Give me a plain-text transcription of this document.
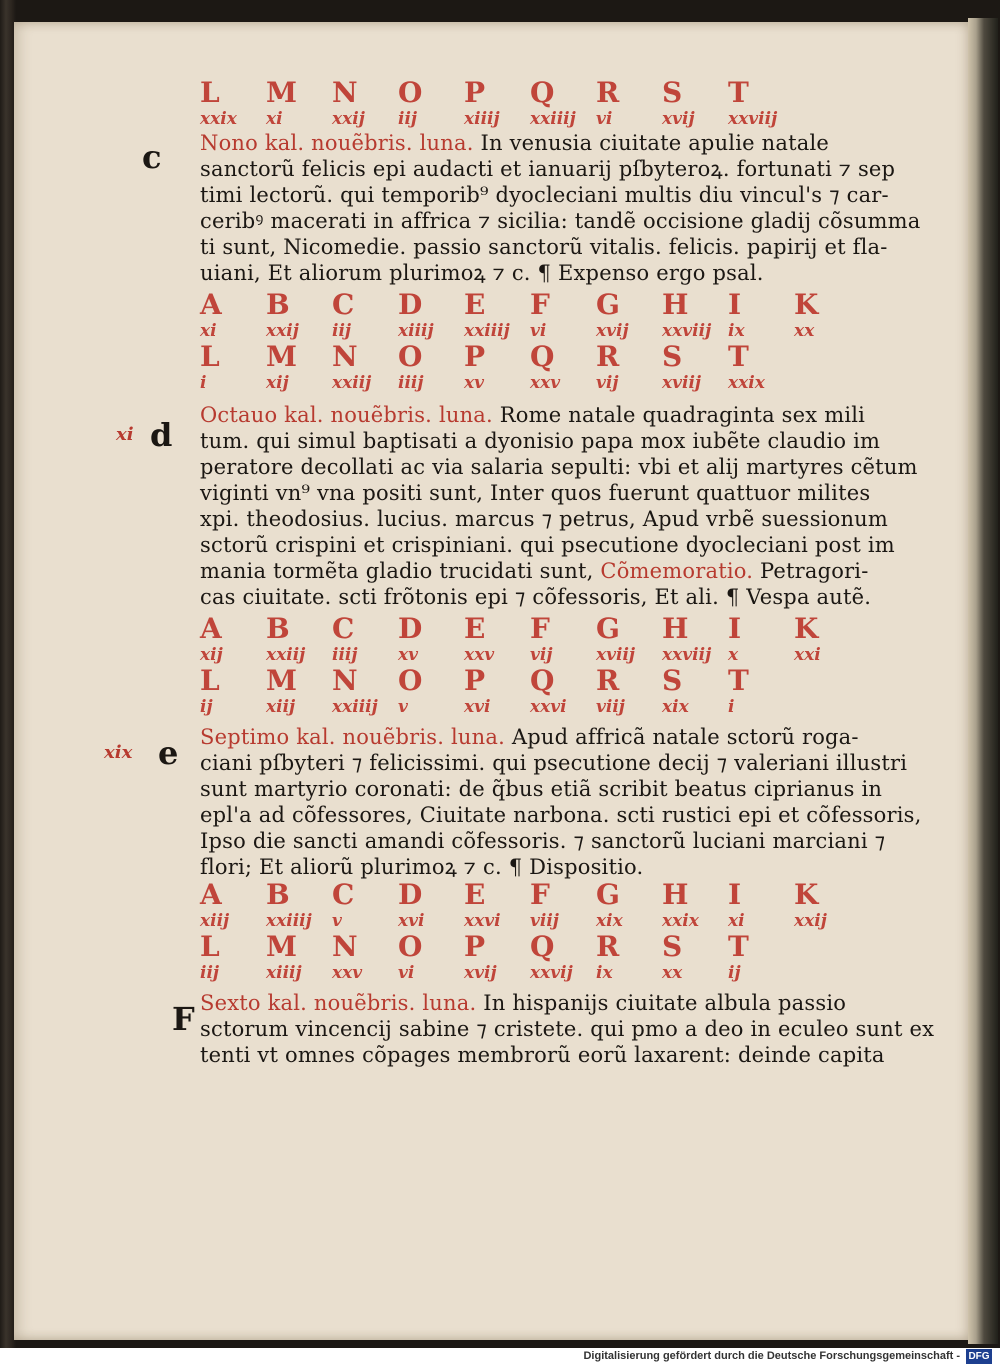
L	M	N	O	P	Q	R	S	T
xxix	xi	xxij	iij	xiiij	xxiiij	vi	xvij	xxviij
c Nono kal. nouẽbris. luna. In venusia ciuitate apulie natale
sanctorũ felicis epi audacti et ianuarij pſbyteroꝝ. fortunati ⁊ sep
timi lectorũ. qui temporib⁹ dyocleciani multis diu vincul's ⁊ car-
ceribꝰ macerati in affrica ⁊ sicilia: tandẽ occisione gladij cõsumma
ti sunt, Nicomedie. passio sanctorũ vitalis. felicis. papirij et fla-
uiani, Et aliorum plurimoꝝ ⁊ c. ¶ Expenso ergo psal.
A	B	C	D	E	F	G	H	I	K
xi	xxij	iij	xiiij	xxiiij	vi	xvij	xxviij ix	xx
L	M	N	O	P	Q	R	S	T
i	xij	xxiij	iiij	xv	xxv	vij	xviij	xxix
xi d
Octauo kal. nouẽbris. luna. Rome natale quadraginta sex mili
tum. qui simul baptisati a dyonisio papa mox iubẽte claudio im
peratore decollati ac via salaria sepulti: vbi et alij martyres cẽtum
viginti vn⁹ vna positi sunt, Inter quos fuerunt quattuor milites
xpi. theodosius. lucius. marcus ⁊ petrus, Apud vrbẽ suessionum
sctorũ crispini et crispiniani. qui psecutione dyocleciani post im
mania tormẽta gladio trucidati sunt, Cõmemoratio. Petragori-
cas ciuitate. scti frõtonis epi ⁊ cõfessoris, Et ali. ¶ Vespa autẽ.
A	B	C	D	E	F	G	H	I	K
xij	xxiij	iiij	xv	xxv	vij	xviij	xxviij x	xxi
L	M	N	O	P	Q	R	S	T
ij	xiij	xxiiij	v	xvi	xxvi	viij	xix	i
xix e Septimo kal. nouẽbris. luna. Apud affricã natale sctorũ roga-
ciani pſbyteri ⁊ felicissimi. qui psecutione decij ⁊ valeriani illustri
sunt martyrio coronati: de q̃bus etiã scribit beatus ciprianus in
epl'a ad cõfessores, Ciuitate narbona. scti rustici epi et cõfessoris,
Ipso die sancti amandi cõfessoris. ⁊ sanctorũ luciani marciani ⁊
flori; Et aliorũ plurimoꝝ ⁊ c. ¶ Dispositio.
A	B	C	D	E	F	G	H	I	K
xiij	xxiiij	v	xvi	xxvi	viij	xix	xxix	xi	xxij
L	M	N	O	P	Q	R	S	T
iij	xiiij	xxv	vi	xvij	xxvij	ix	xx	ij
F Sexto kal. nouẽbris. luna. In hispanijs ciuitate albula passio
sctorum vincencij sabine ⁊ cristete. qui pmo a deo in eculeo sunt ex
tenti vt omnes cõpages membrorũ eorũ laxarent: deinde capita
Digitalisierung gefördert durch die Deutsche Forschungsgemeinschaft - DFG
